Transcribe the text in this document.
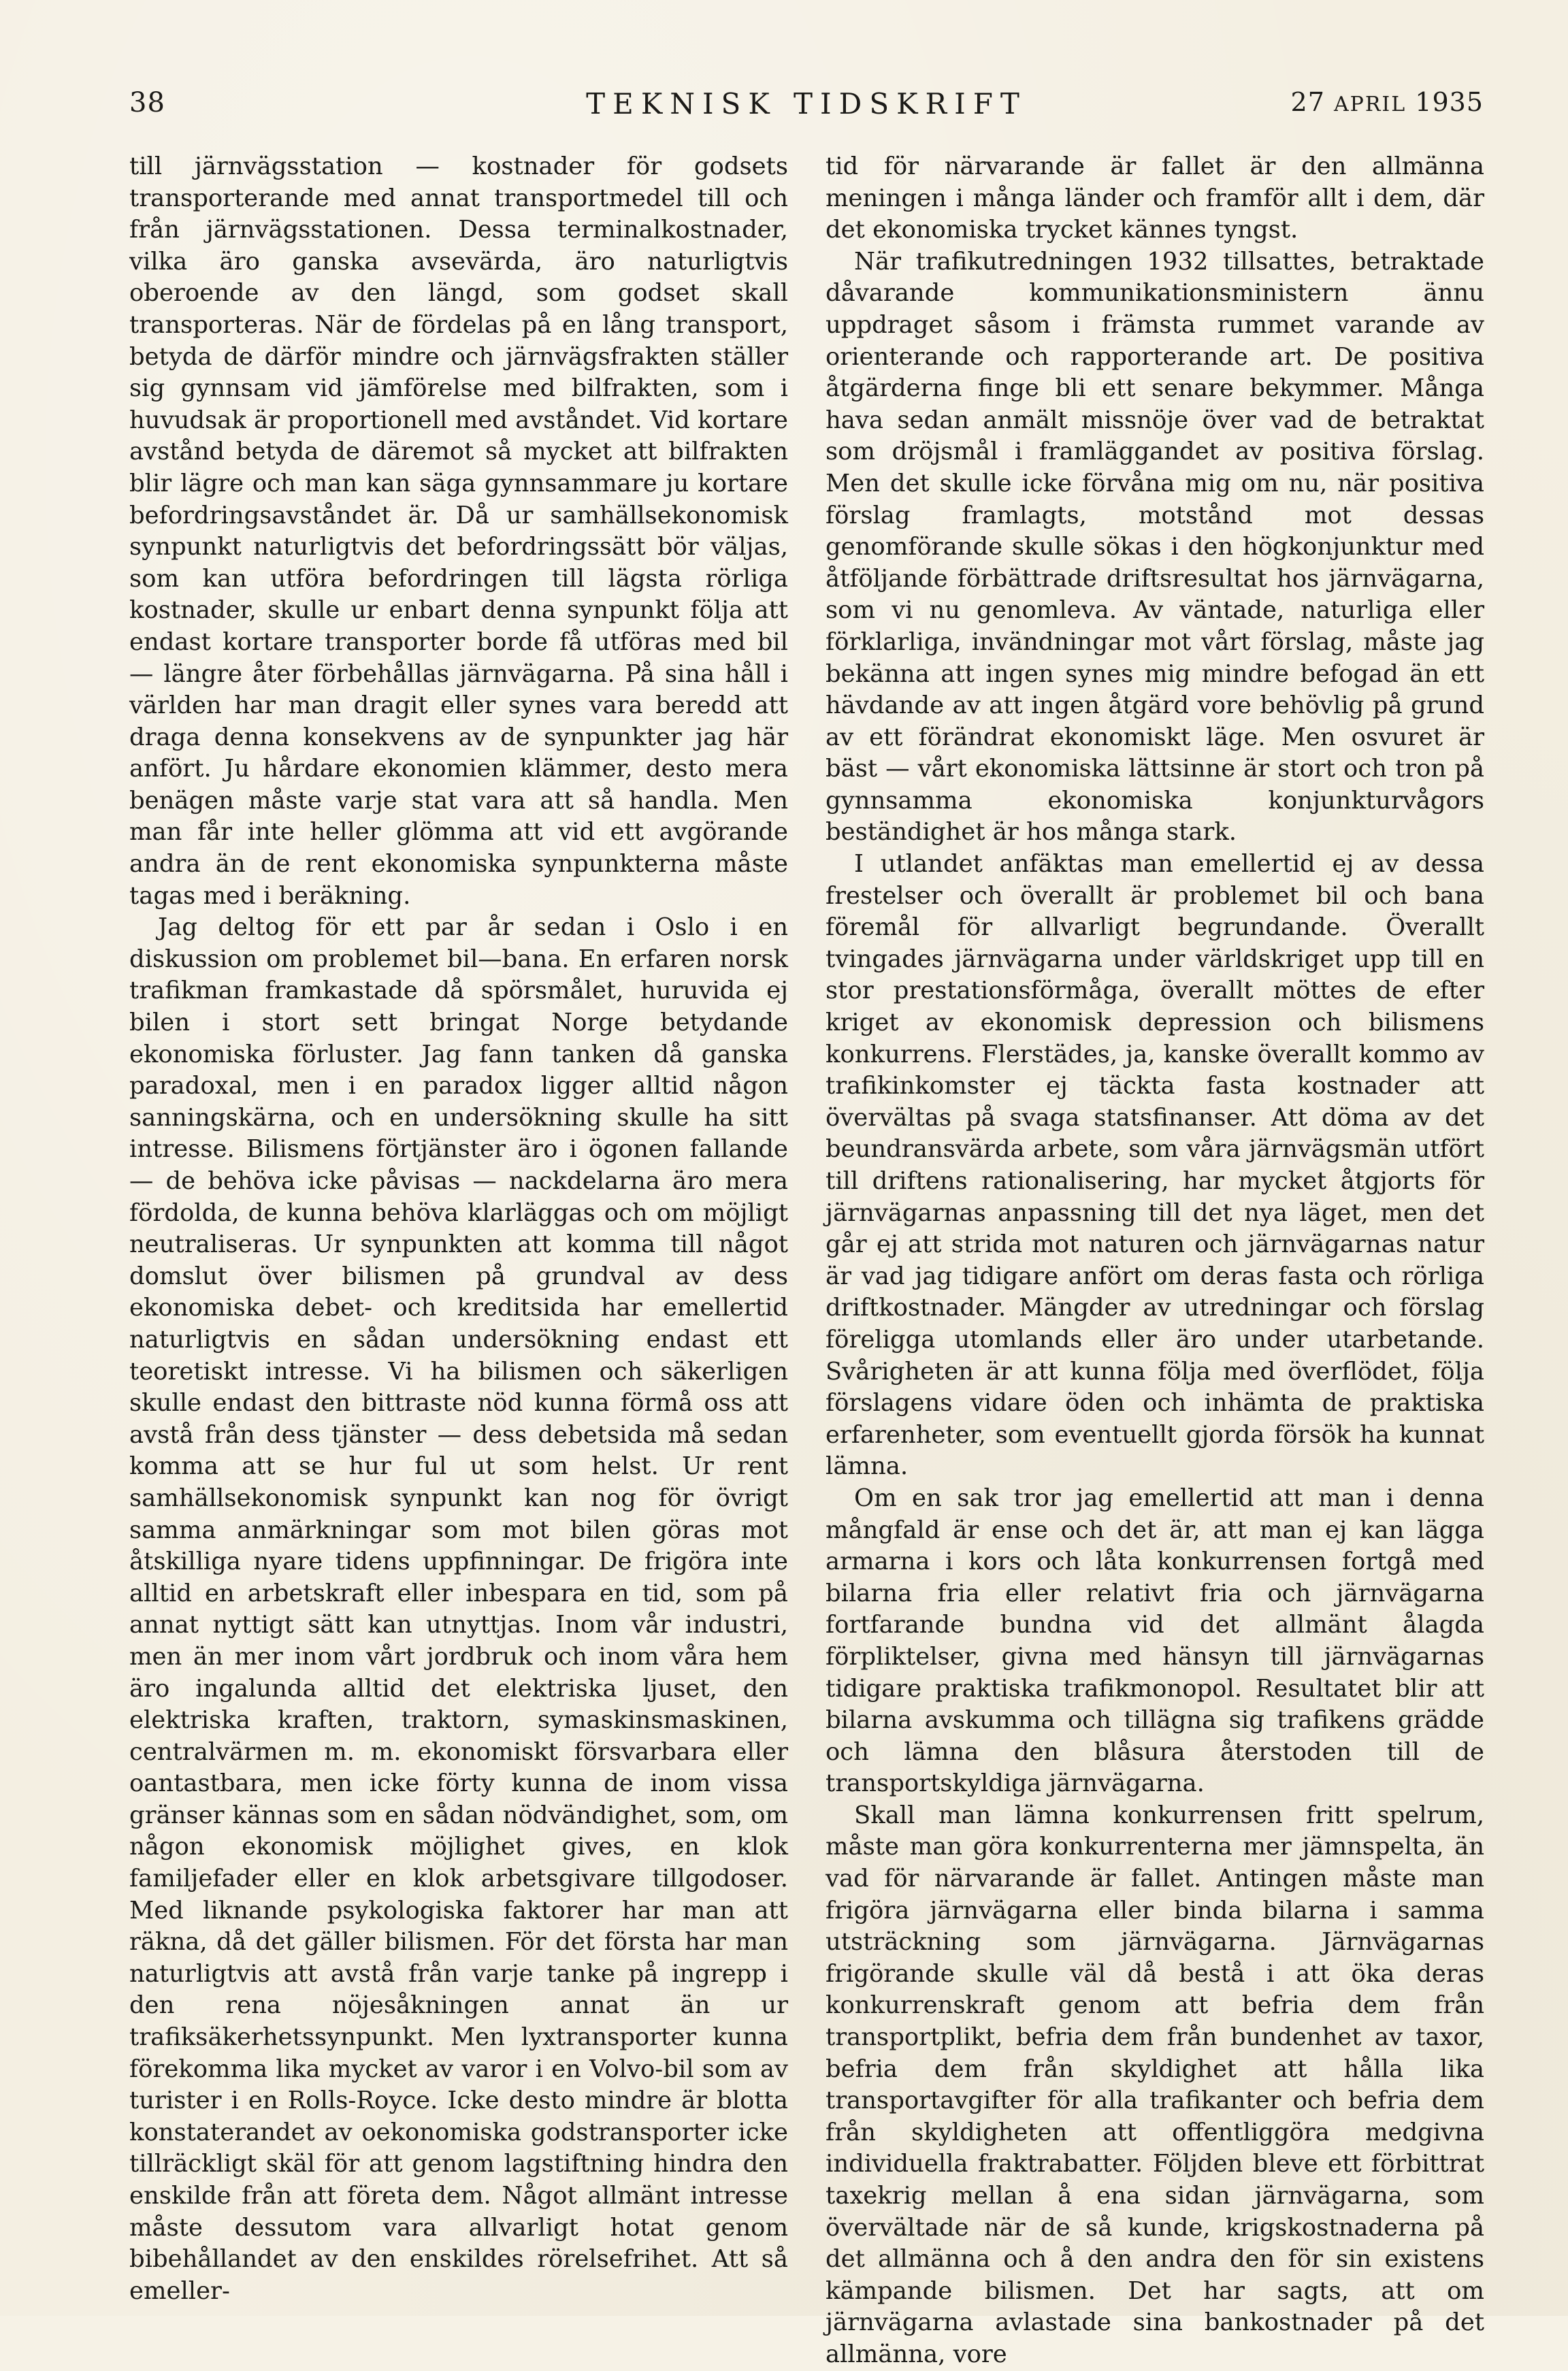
38	TEKNISK TIDSKRIFT	27 APRIL 1935

till järnvägsstation — kostnader för godsets transporterande med annat transportmedel till och från järnvägsstationen. Dessa terminalkostnader, vilka äro ganska avsevärda, äro naturligtvis oberoende av den längd, som godset skall transporteras. När de fördelas på en lång transport, betyda de därför mindre och järnvägsfrakten ställer sig gynnsam vid jämförelse med bilfrakten, som i huvudsak är proportionell med avståndet. Vid kortare avstånd betyda de däremot så mycket att bilfrakten blir lägre och man kan säga gynnsammare ju kortare befordringsavståndet är. Då ur samhällsekonomisk synpunkt naturligtvis det befordringssätt bör väljas, som kan utföra befordringen till lägsta rörliga kostnader, skulle ur enbart denna synpunkt följa att endast kortare transporter borde få utföras med bil — längre åter förbehållas järnvägarna. På sina håll i världen har man dragit eller synes vara beredd att draga denna konsekvens av de synpunkter jag här anfört. Ju hårdare ekonomien klämmer, desto mera benägen måste varje stat vara att så handla. Men man får inte heller glömma att vid ett avgörande andra än de rent ekonomiska synpunkterna måste tagas med i beräkning.

Jag deltog för ett par år sedan i Oslo i en diskussion om problemet bil—bana. En erfaren norsk trafikman framkastade då spörsmålet, huruvida ej bilen i stort sett bringat Norge betydande ekonomiska förluster. Jag fann tanken då ganska paradoxal, men i en paradox ligger alltid någon sanningskärna, och en undersökning skulle ha sitt intresse. Bilismens förtjänster äro i ögonen fallande — de behöva icke påvisas — nackdelarna äro mera fördolda, de kunna behöva klarläggas och om möjligt neutraliseras. Ur synpunkten att komma till något domslut över bilismen på grundval av dess ekonomiska debet- och kreditsida har emellertid naturligtvis en sådan undersökning endast ett teoretiskt intresse. Vi ha bilismen och säkerligen skulle endast den bittraste nöd kunna förmå oss att avstå från dess tjänster — dess debetsida må sedan komma att se hur ful ut som helst. Ur rent samhällsekonomisk synpunkt kan nog för övrigt samma anmärkningar som mot bilen göras mot åtskilliga nyare tidens uppfinningar. De frigöra inte alltid en arbetskraft eller inbespara en tid, som på annat nyttigt sätt kan utnyttjas. Inom vår industri, men än mer inom vårt jordbruk och inom våra hem äro ingalunda alltid det elektriska ljuset, den elektriska kraften, traktorn, symaskinsmaskinen, centralvärmen m. m. ekonomiskt försvarbara eller oantastbara, men icke förty kunna de inom vissa gränser kännas som en sådan nödvändighet, som, om någon ekonomisk möjlighet gives, en klok familjefader eller en klok arbetsgivare tillgodoser. Med liknande psykologiska faktorer har man att räkna, då det gäller bilismen. För det första har man naturligtvis att avstå från varje tanke på ingrepp i den rena nöjesåkningen annat än ur trafiksäkerhetssynpunkt. Men lyxtransporter kunna förekomma lika mycket av varor i en Volvo-bil som av turister i en Rolls-Royce. Icke desto mindre är blotta konstaterandet av oekonomiska godstransporter icke tillräckligt skäl för att genom lagstiftning hindra den enskilde från att företa dem. Något allmänt intresse måste dessutom vara allvarligt hotat genom bibehållandet av den enskildes rörelsefrihet. Att så emeller-

tid för närvarande är fallet är den allmänna meningen i många länder och framför allt i dem, där det ekonomiska trycket kännes tyngst.

När trafikutredningen 1932 tillsattes, betraktade dåvarande kommunikationsministern ännu uppdraget såsom i främsta rummet varande av orienterande och rapporterande art. De positiva åtgärderna finge bli ett senare bekymmer. Många hava sedan anmält missnöje över vad de betraktat som dröjsmål i framläggandet av positiva förslag. Men det skulle icke förvåna mig om nu, när positiva förslag framlagts, motstånd mot dessas genomförande skulle sökas i den högkonjunktur med åtföljande förbättrade driftsresultat hos järnvägarna, som vi nu genomleva. Av väntade, naturliga eller förklarliga, invändningar mot vårt förslag, måste jag bekänna att ingen synes mig mindre befogad än ett hävdande av att ingen åtgärd vore behövlig på grund av ett förändrat ekonomiskt läge. Men osvuret är bäst — vårt ekonomiska lättsinne är stort och tron på gynnsamma ekonomiska konjunkturvågors beständighet är hos många stark.

I utlandet anfäktas man emellertid ej av dessa frestelser och överallt är problemet bil och bana föremål för allvarligt begrundande. Överallt tvingades järnvägarna under världskriget upp till en stor prestationsförmåga, överallt möttes de efter kriget av ekonomisk depression och bilismens konkurrens. Flerstädes, ja, kanske överallt kommo av trafikinkomster ej täckta fasta kostnader att övervältas på svaga statsfinanser. Att döma av det beundransvärda arbete, som våra järnvägsmän utfört till driftens rationalisering, har mycket åtgjorts för järnvägarnas anpassning till det nya läget, men det går ej att strida mot naturen och järnvägarnas natur är vad jag tidigare anfört om deras fasta och rörliga driftkostnader. Mängder av utredningar och förslag föreligga utomlands eller äro under utarbetande. Svårigheten är att kunna följa med överflödet, följa förslagens vidare öden och inhämta de praktiska erfarenheter, som eventuellt gjorda försök ha kunnat lämna.

Om en sak tror jag emellertid att man i denna mångfald är ense och det är, att man ej kan lägga armarna i kors och låta konkurrensen fortgå med bilarna fria eller relativt fria och järnvägarna fortfarande bundna vid det allmänt ålagda förpliktelser, givna med hänsyn till järnvägarnas tidigare praktiska trafikmonopol. Resultatet blir att bilarna avskumma och tillägna sig trafikens grädde och lämna den blåsura återstoden till de transportskyldiga järnvägarna.

Skall man lämna konkurrensen fritt spelrum, måste man göra konkurrenterna mer jämnspelta, än vad för närvarande är fallet. Antingen måste man frigöra järnvägarna eller binda bilarna i samma utsträckning som järnvägarna. Järnvägarnas frigörande skulle väl då bestå i att öka deras konkurrenskraft genom att befria dem från transportplikt, befria dem från bundenhet av taxor, befria dem från skyldighet att hålla lika transportavgifter för alla trafikanter och befria dem från skyldigheten att offentliggöra medgivna individuella fraktrabatter. Följden bleve ett förbittrat taxekrig mellan å ena sidan järnvägarna, som övervältade när de så kunde, krigskostnaderna på det allmänna och å den andra den för sin existens kämpande bilismen. Det har sagts, att om järnvägarna avlastade sina bankostnader på det allmänna, vore
